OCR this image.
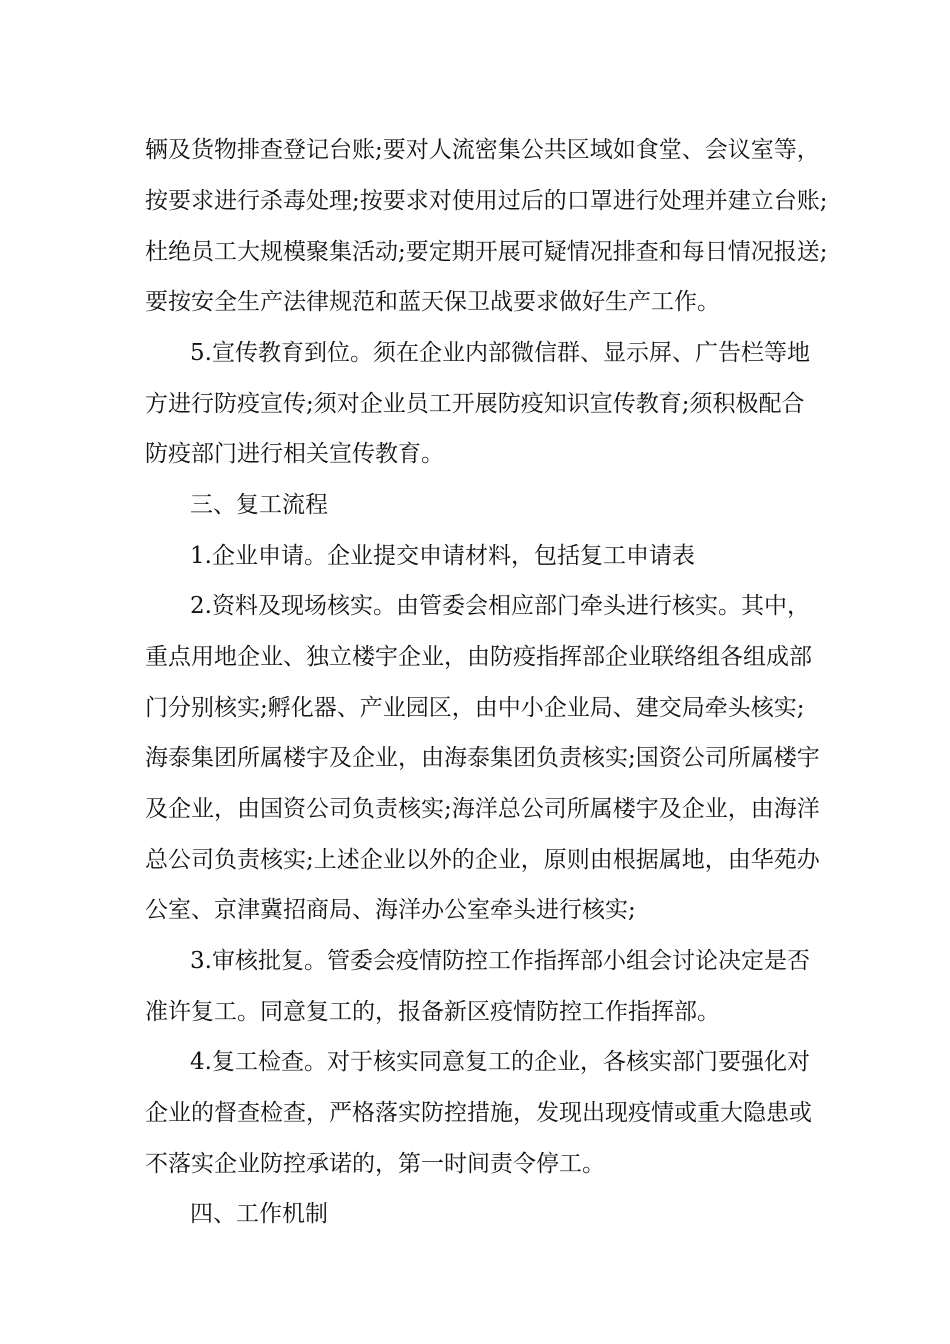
辆及货物排查登记台账;要对人流密集公共区域如食堂、会议室等，
按要求进行杀毒处理;按要求对使用过后的口罩进行处理并建立台账;
杜绝员工大规模聚集活动;要定期开展可疑情况排查和每日情况报送;
要按安全生产法律规范和蓝天保卫战要求做好生产工作。
5.宣传教育到位。须在企业内部微信群、显示屏、广告栏等地
方进行防疫宣传;须对企业员工开展防疫知识宣传教育;须积极配合
防疫部门进行相关宣传教育。
三、复工流程
1.企业申请。企业提交申请材料，包括复工申请表
2.资料及现场核实。由管委会相应部门牵头进行核实。其中，
重点用地企业、独立楼宇企业，由防疫指挥部企业联络组各组成部
门分别核实;孵化器、产业园区，由中小企业局、建交局牵头核实;
海泰集团所属楼宇及企业，由海泰集团负责核实;国资公司所属楼宇
及企业，由国资公司负责核实;海洋总公司所属楼宇及企业，由海洋
总公司负责核实;上述企业以外的企业，原则由根据属地，由华苑办
公室、京津冀招商局、海洋办公室牵头进行核实;
3.审核批复。管委会疫情防控工作指挥部小组会讨论决定是否
准许复工。同意复工的，报备新区疫情防控工作指挥部。
4.复工检查。对于核实同意复工的企业，各核实部门要强化对
企业的督查检查，严格落实防控措施，发现出现疫情或重大隐患或
不落实企业防控承诺的，第一时间责令停工。
四、工作机制
